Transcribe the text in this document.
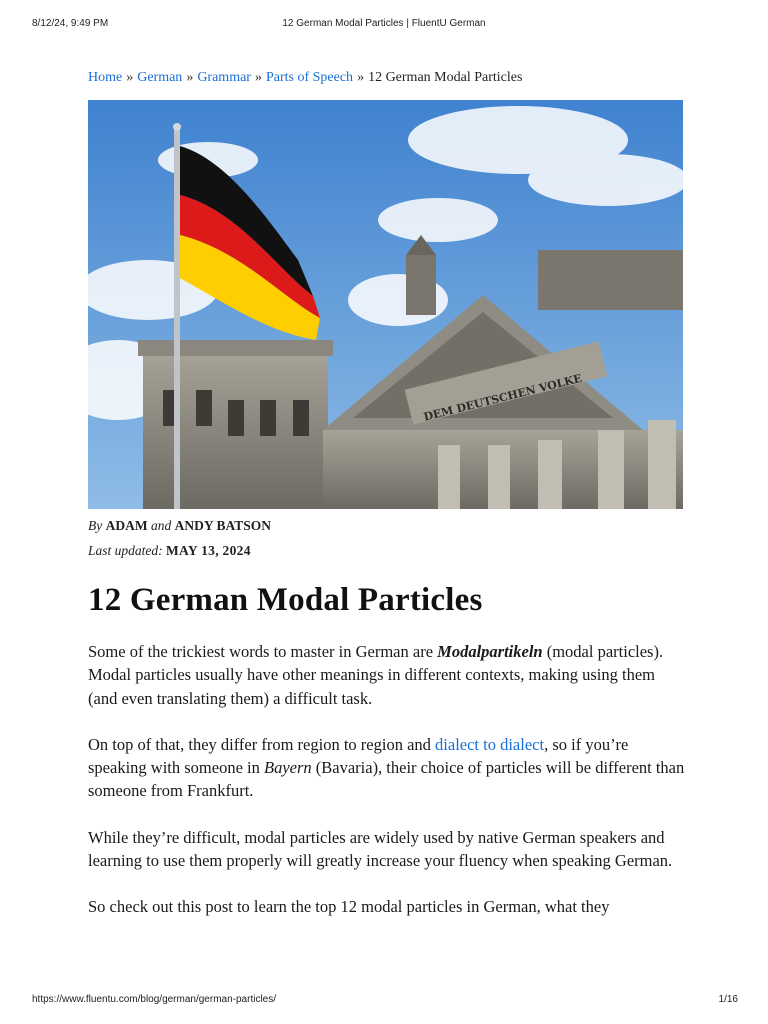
8/12/24, 9:49 PM	12 German Modal Particles | FluentU German
Home » German » Grammar » Parts of Speech » 12 German Modal Particles
DEM DEUTSCHEN VOLKE
By ADAM and ANDY BATSON
Last updated: MAY 13, 2024
12 German Modal Particles

Some of the trickiest words to master in German are Modalpartikeln (modal particles). Modal particles usually have other meanings in different contexts, making using them (and even translating them) a difficult task.

On top of that, they differ from region to region and dialect to dialect, so if you’re speaking with someone in Bayern (Bavaria), their choice of particles will be different than someone from Frankfurt.

While they’re difficult, modal particles are widely used by native German speakers and learning to use them properly will greatly increase your fluency when speaking German.

So check out this post to learn the top 12 modal particles in German, what they

https://www.fluentu.com/blog/german/german-particles/	1/16
